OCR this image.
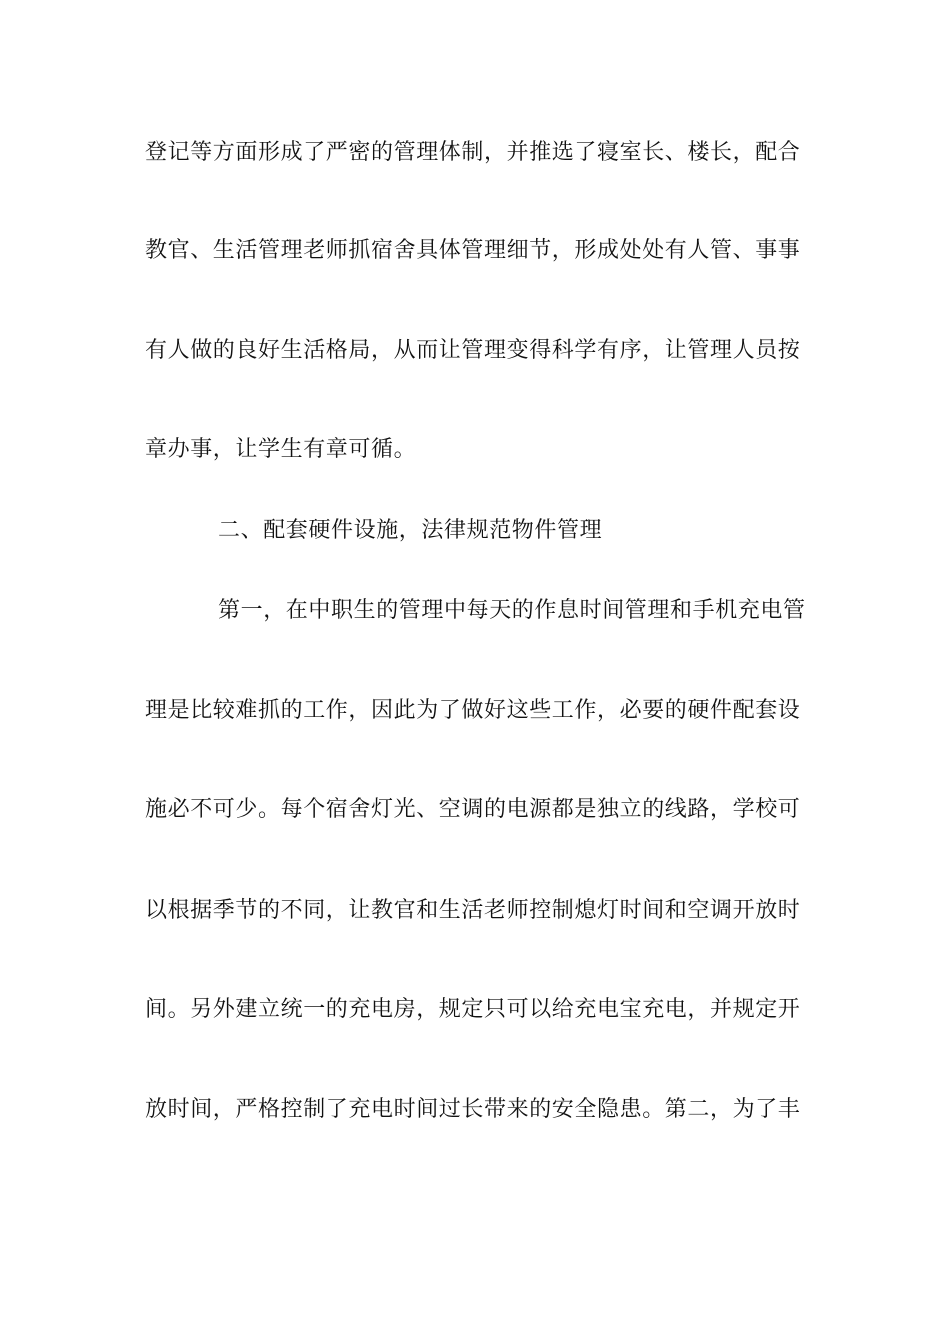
登记等方面形成了严密的管理体制，并推选了寝室长、楼长，配合
教官、生活管理老师抓宿舍具体管理细节，形成处处有人管、事事
有人做的良好生活格局，从而让管理变得科学有序，让管理人员按
章办事，让学生有章可循。
二、配套硬件设施，法律规范物件管理
第一，在中职生的管理中每天的作息时间管理和手机充电管
理是比较难抓的工作，因此为了做好这些工作，必要的硬件配套设
施必不可少。每个宿舍灯光、空调的电源都是独立的线路，学校可
以根据季节的不同，让教官和生活老师控制熄灯时间和空调开放时
间。另外建立统一的充电房，规定只可以给充电宝充电，并规定开
放时间，严格控制了充电时间过长带来的安全隐患。第二，为了丰
